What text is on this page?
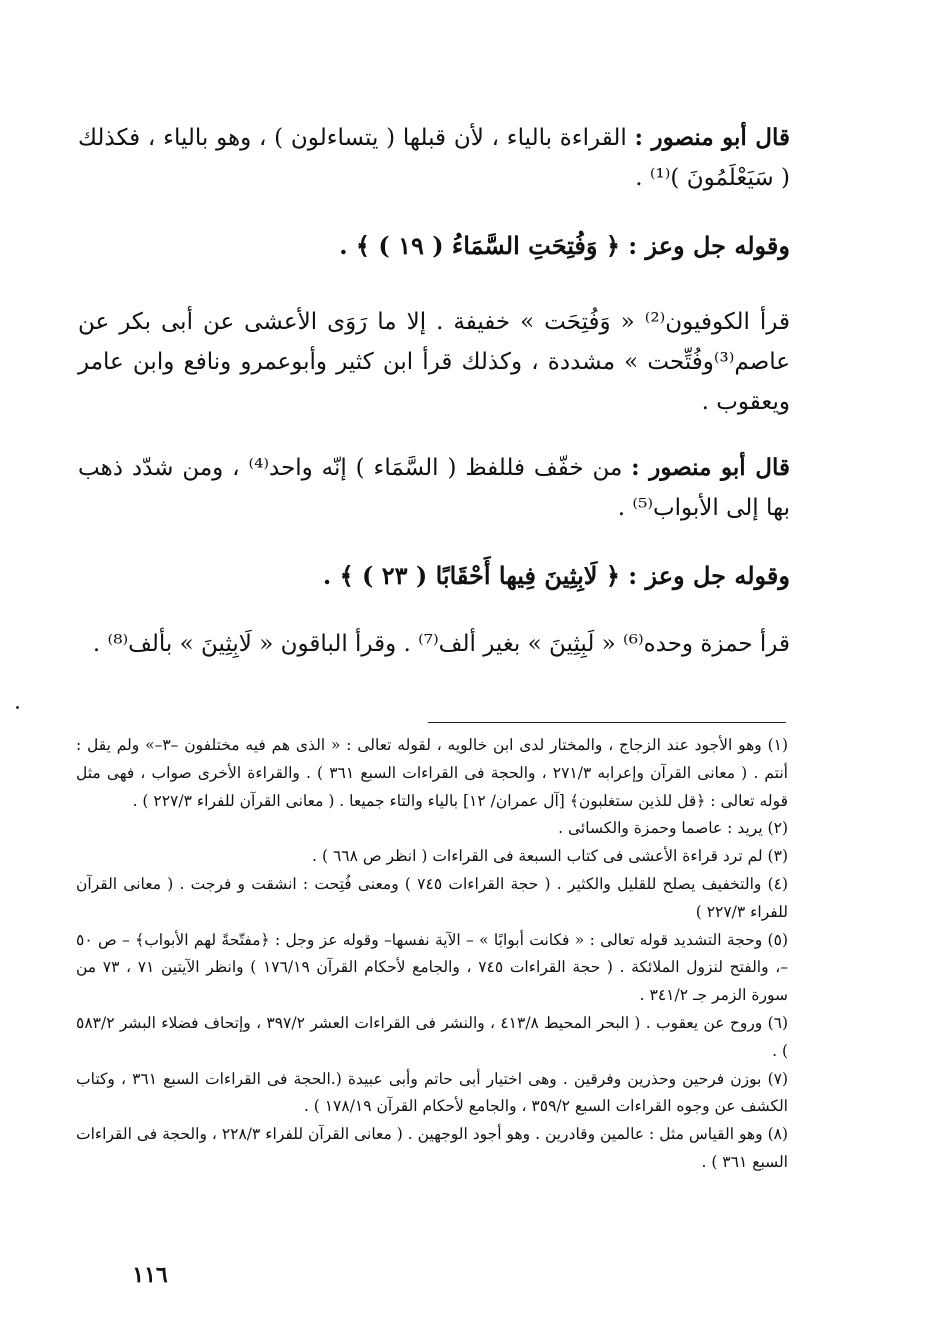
قال أبو منصور : القراءة بالياء ، لأن قبلها ( يتساءلون ) ، وهو بالياء ، فكذلك ( سَيَعْلَمُونَ )⁽¹⁾ .

وقوله جل وعز : ﴿ وَفُتِحَتِ السَّمَاءُ ( ١٩ ) ﴾ .

قرأ الكوفيون⁽²⁾ « وَفُتِحَت » خفيفة . إلا ما رَوَى الأعشى عن أبى بكر عن عاصم⁽³⁾وفُتِّحت » مشددة ، وكذلك قرأ ابن كثير وأبوعمرو ونافع وابن عامر ويعقوب .

قال أبو منصور : من خفّف فللفظ ( السَّمَاء ) إنّه واحد⁽⁴⁾ ، ومن شدّد ذهب بها إلى الأبواب⁽⁵⁾ .

وقوله جل وعز : ﴿ لَابِثِينَ فِيها أَحْقَابًا ( ٢٣ ) ﴾ .

قرأ حمزة وحده⁽⁶⁾ « لَبِثِينَ » بغير ألف⁽⁷⁾ . وقرأ الباقون « لَابِثِينَ » بألف⁽⁸⁾ .

(١) وهو الأجود عند الزجاج ، والمختار لدى ابن خالويه ، لقوله تعالى : « الذى هم فيه مختلفون –٣–» ولم يقل : أنتم . ( معانى القرآن وإعرابه ٢٧١/٣ ، والحجة فى القراءات السبع ٣٦١ ) . والقراءة الأخرى صواب ، فهى مثل قوله تعالى : ﴿قل للذين ستغلبون﴾ [آل عمران/ ١٢] بالياء والتاء جميعا . ( معانى القرآن للفراء ٢٢٧/٣ ) .

(٢) يريد : عاصما وحمزة والكسائى .

(٣) لم ترد قراءة الأعشى فى كتاب السبعة فى القراءات ( انظر ص ٦٦٨ ) .

(٤) والتخفيف يصلح للقليل والكثير . ( حجة القراءات ٧٤٥ ) ومعنى فُتِحت : انشقت و فرجت . ( معانى القرآن للفراء ٢٢٧/٣ )

(٥) وحجة التشديد قوله تعالى : « فكانت أبوابًا » – الآية نفسها– وقوله عز وجل : ﴿مفتّحةً لهم الأبواب﴾ – ص ٥٠ –، والفتح لنزول الملائكة . ( حجة القراءات ٧٤٥ ، والجامع لأحكام القرآن ١٧٦/١٩ ) وانظر الآيتين ٧١ ، ٧٣ من سورة الزمر جـ ٣٤١/٢ .

(٦) وروح عن يعقوب . ( البحر المحيط ٤١٣/٨ ، والنشر فى القراءات العشر ٣٩٧/٢ ، وإتحاف فضلاء البشر ٥٨٣/٢ ) .

(٧) بوزن فرحين وحذرين وفرقين . وهى اختيار أبى حاتم وأبى عبيدة (.الحجة فى القراءات السبع ٣٦١ ، وكتاب الكشف عن وجوه القراءات السبع ٣٥٩/٢ ، والجامع لأحكام القرآن ١٧٨/١٩ ) .

(٨) وهو القياس مثل : عالمين وقادرين . وهو أجود الوجهين . ( معانى القرآن للفراء ٢٢٨/٣ ، والحجة فى القراءات السبع ٣٦١ ) .

١١٦
